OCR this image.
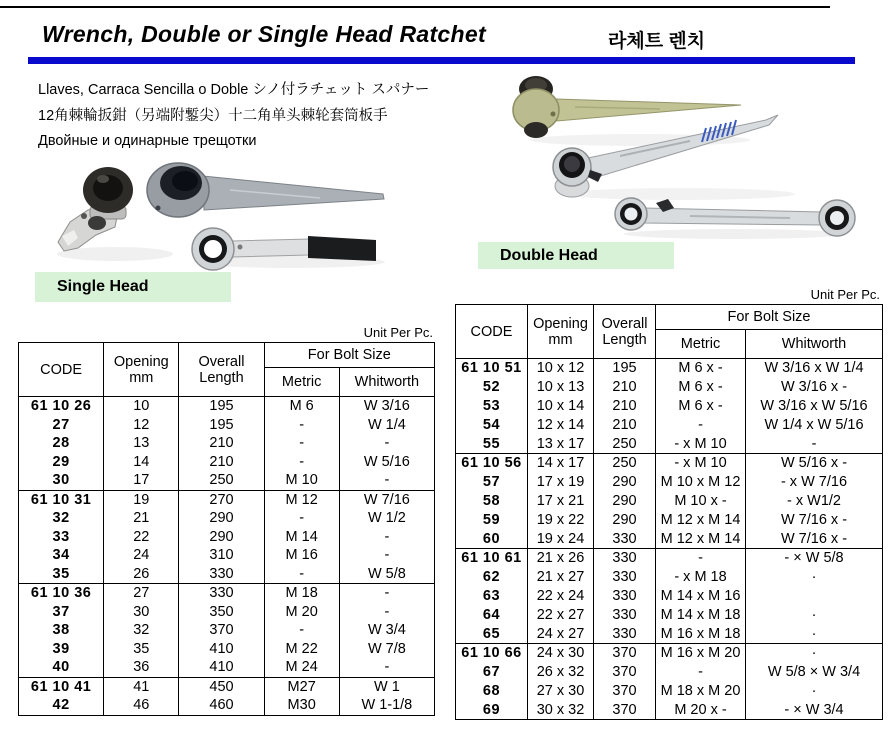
Wrench, Double or Single Head Ratchet	라체트 렌치
Llaves, Carraca Sencilla o Doble シノ付ラチェット スパナー
12角棘輪扳鉗（另端附鏨尖）十二角单头棘轮套筒板手
Двойные и одинарные трещотки
Single Head
Double Head
Unit Per Pc.
CODE	Opening
mm

Overall
Length
	For Bolt Size
			Metric	Whitworth
61 10 26	10	195	M 6	W 3/16
27	12	195	-	W 1/4
28	13	210	-	-
29	14	210	-	W 5/16
30	17	250	M 10	-
61 10 31	19	270	M 12	W 7/16
32	21	290	-	W 1/2
33	22	290	M 14	-
34	24	310	M 16	-
35	26	330	-	W 5/8
61 10 36	27	330	M 18	-
37	30	350	M 20	-
38	32	370	-	W 3/4
39	35	410	M 22	W 7/8
40	36	410	M 24	-
61 10 41	41	450	M27	W 1
42	46	460	M30	W 1-1/8
Unit Per Pc.
CODE	Opening
mm

Overall
Length
	For Bolt Size
			Metric	Whitworth
61 10 51	10 x 12	195	M 6 x -	W 3/16 x W 1/4
52	10 x 13	210	M 6 x -	W 3/16 x -
53	10 x 14	210	M 6 x -	W 3/16 x W 5/16
54	12 x 14	210	-	W 1/4 x W 5/16
55	13 x 17	250	- x M 10	-
61 10 56	14 x 17	250	- x M 10	W 5/16 x -
57	17 x 19	290	M 10 x M 12	- x W 7/16
58	17 x 21	290	M 10 x -	- x W1/2
59	19 x 22	290	M 12 x M 14	W 7/16 x -
60	19 x 24	330	M 12 x M 14	W 7/16 x -
61 10 61	21 x 26	330	-	- × W 5/8
62	21 x 27	330	- x M 18	·
63	22 x 24	330	M 14 x M 16	
64	22 x 27	330	M 14 x M 18	·
65	24 x 27	330	M 16 x M 18	·
61 10 66	24 x 30	370	M 16 x M 20	·
67	26 x 32	370	-	W 5/8 × W 3/4
68	27 x 30	370	M 18 x M 20	·
69	30 x 32	370	M 20 x -	- × W 3/4
